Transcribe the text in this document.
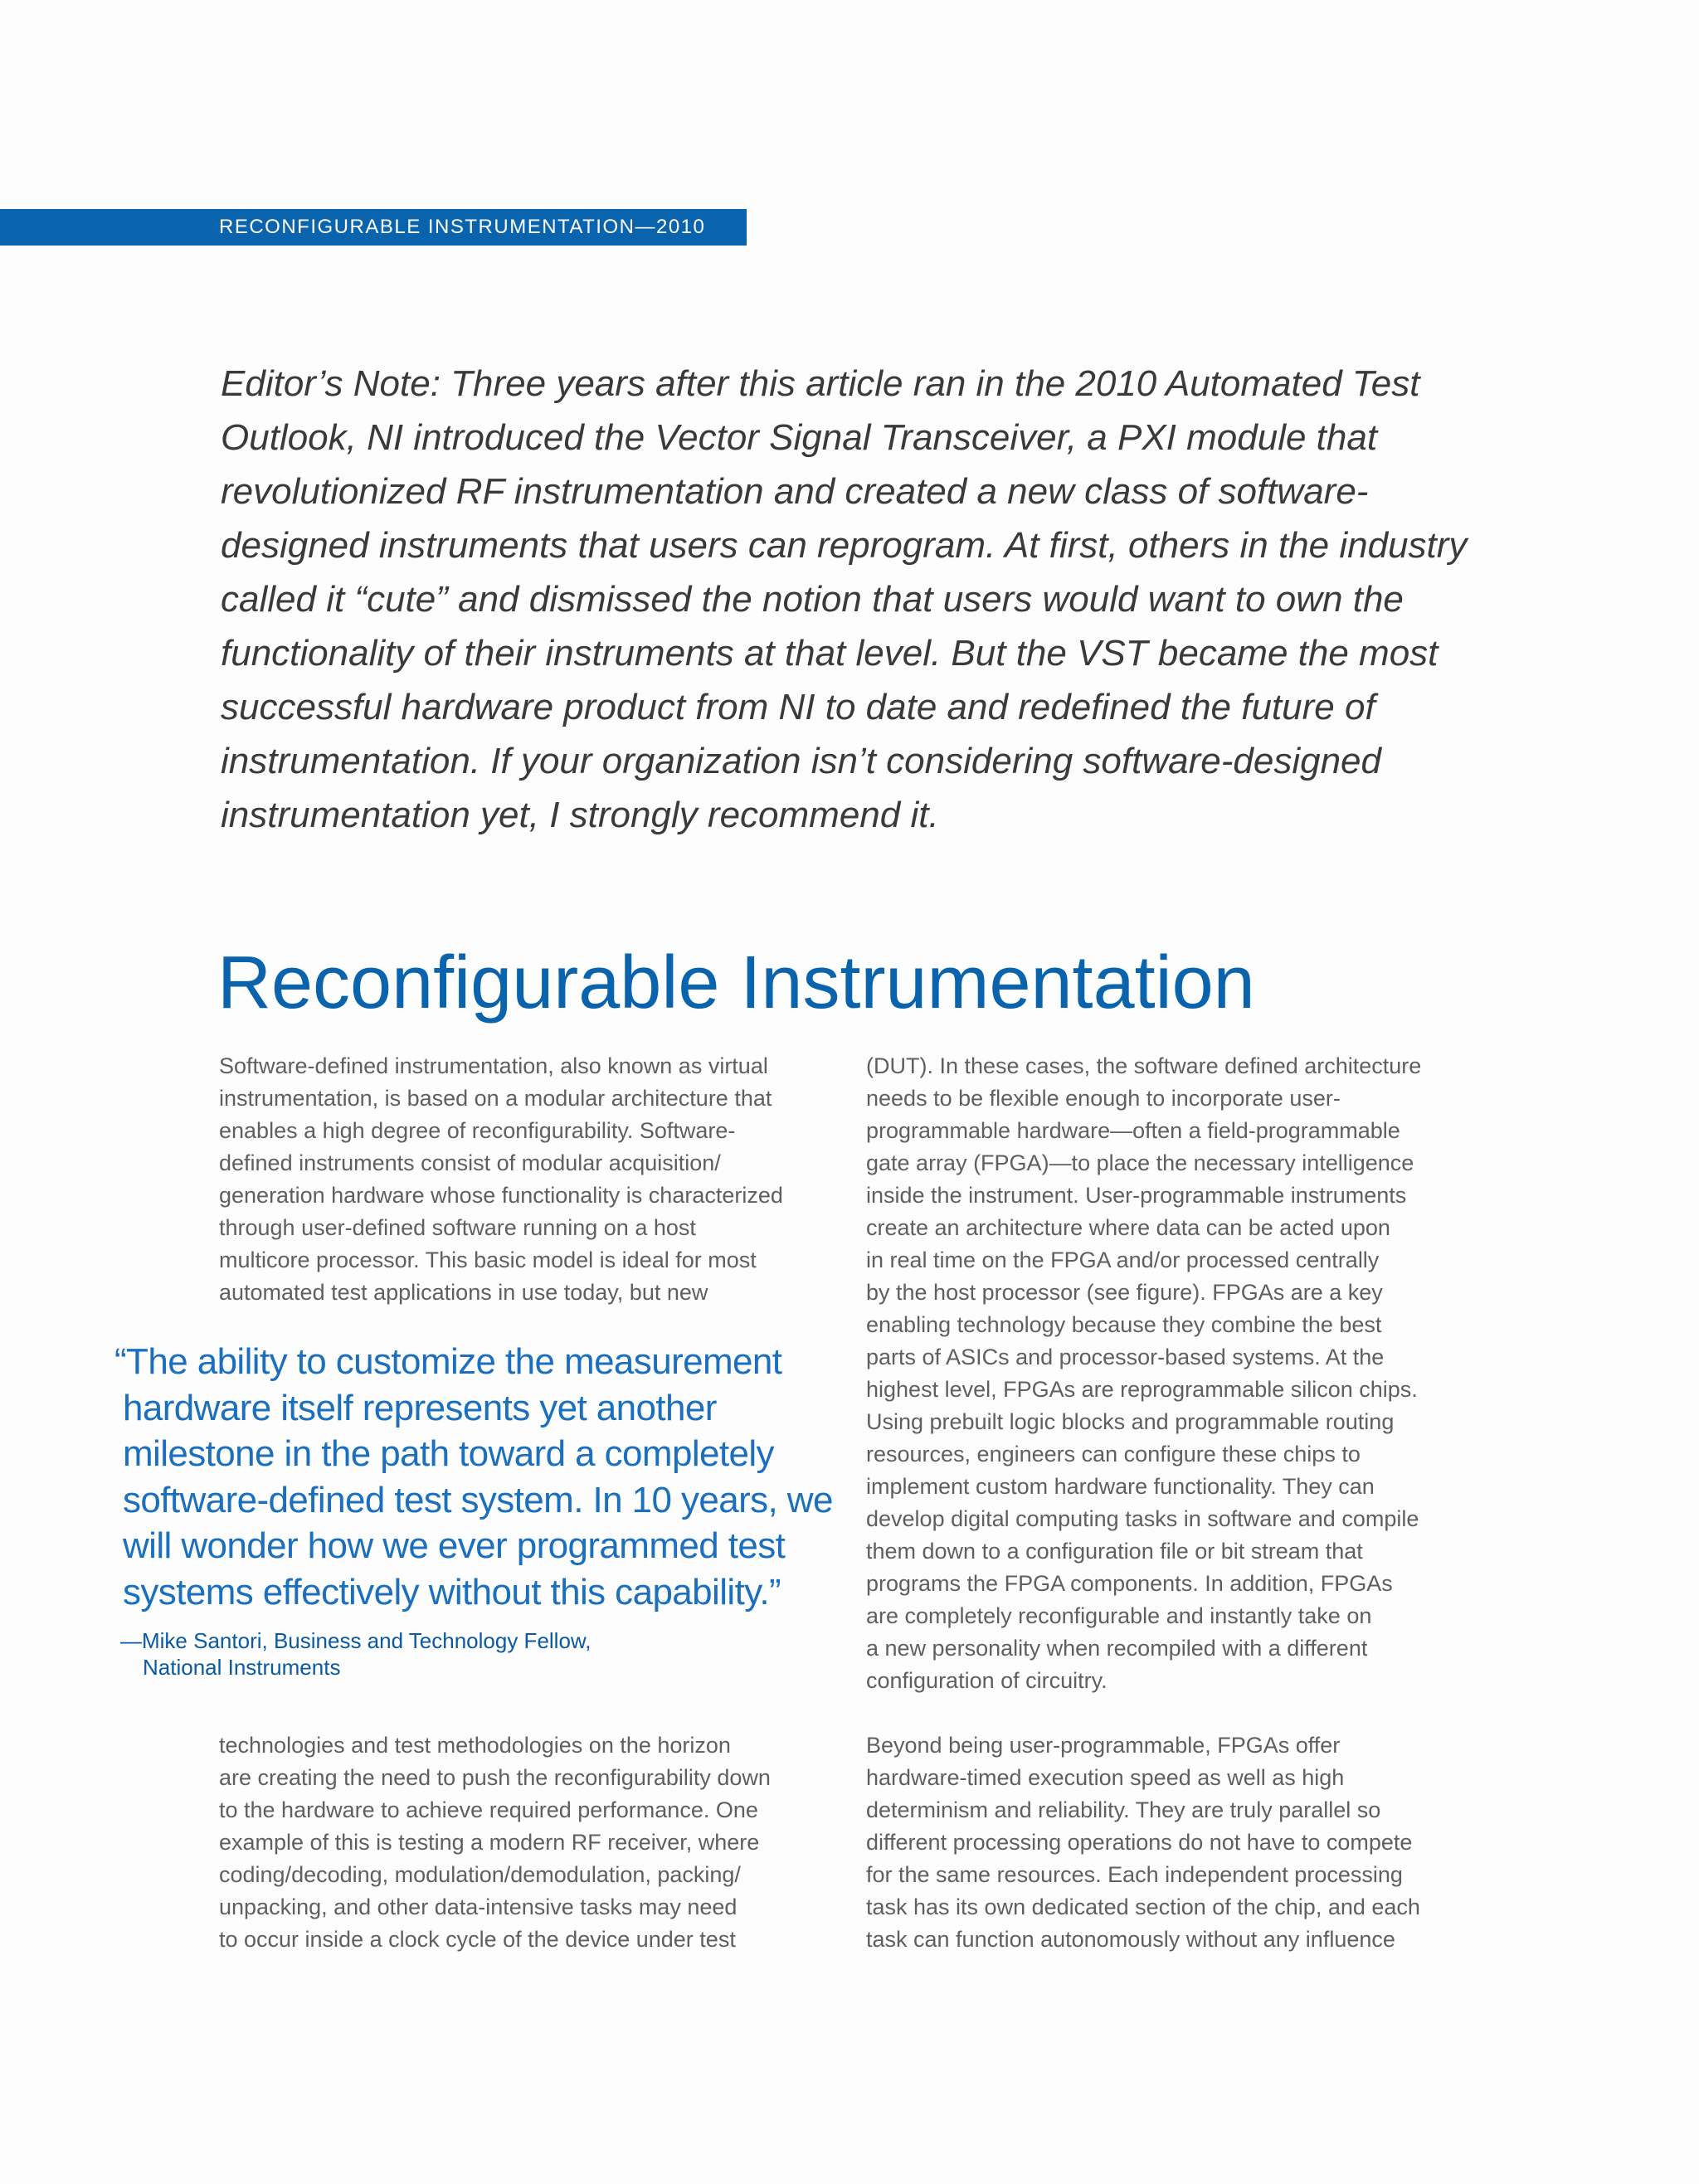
RECONFIGURABLE INSTRUMENTATION—2010

Editor’s Note: Three years after this article ran in the 2010 Automated Test
Outlook, NI introduced the Vector Signal Transceiver, a PXI module that
revolutionized RF instrumentation and created a new class of software-
designed instruments that users can reprogram. At first, others in the industry
called it “cute” and dismissed the notion that users would want to own the
functionality of their instruments at that level. But the VST became the most
successful hardware product from NI to date and redefined the future of
instrumentation. If your organization isn’t considering software-designed
instrumentation yet, I strongly recommend it.

Reconfigurable Instrumentation

Software-defined instrumentation, also known as virtual
instrumentation, is based on a modular architecture that
enables a high degree of reconfigurability. Software-
defined instruments consist of modular acquisition/
generation hardware whose functionality is characterized
through user-defined software running on a host
multicore processor. This basic model is ideal for most
automated test applications in use today, but new

“The ability to customize the measurement
hardware itself represents yet another
milestone in the path toward a completely
software-defined test system. In 10 years, we
will wonder how we ever programmed test
systems effectively without this capability.”

—Mike Santori, Business and Technology Fellow,
National Instruments

technologies and test methodologies on the horizon
are creating the need to push the reconfigurability down
to the hardware to achieve required performance. One
example of this is testing a modern RF receiver, where
coding/decoding, modulation/demodulation, packing/
unpacking, and other data-intensive tasks may need
to occur inside a clock cycle of the device under test

(DUT). In these cases, the software defined architecture
needs to be flexible enough to incorporate user-
programmable hardware—often a field-programmable
gate array (FPGA)—to place the necessary intelligence
inside the instrument. User-programmable instruments
create an architecture where data can be acted upon
in real time on the FPGA and/or processed centrally
by the host processor (see figure). FPGAs are a key
enabling technology because they combine the best
parts of ASICs and processor-based systems. At the
highest level, FPGAs are reprogrammable silicon chips.
Using prebuilt logic blocks and programmable routing
resources, engineers can configure these chips to
implement custom hardware functionality. They can
develop digital computing tasks in software and compile
them down to a configuration file or bit stream that
programs the FPGA components. In addition, FPGAs
are completely reconfigurable and instantly take on
a new personality when recompiled with a different
configuration of circuitry.

Beyond being user-programmable, FPGAs offer
hardware-timed execution speed as well as high
determinism and reliability. They are truly parallel so
different processing operations do not have to compete
for the same resources. Each independent processing
task has its own dedicated section of the chip, and each
task can function autonomously without any influence
